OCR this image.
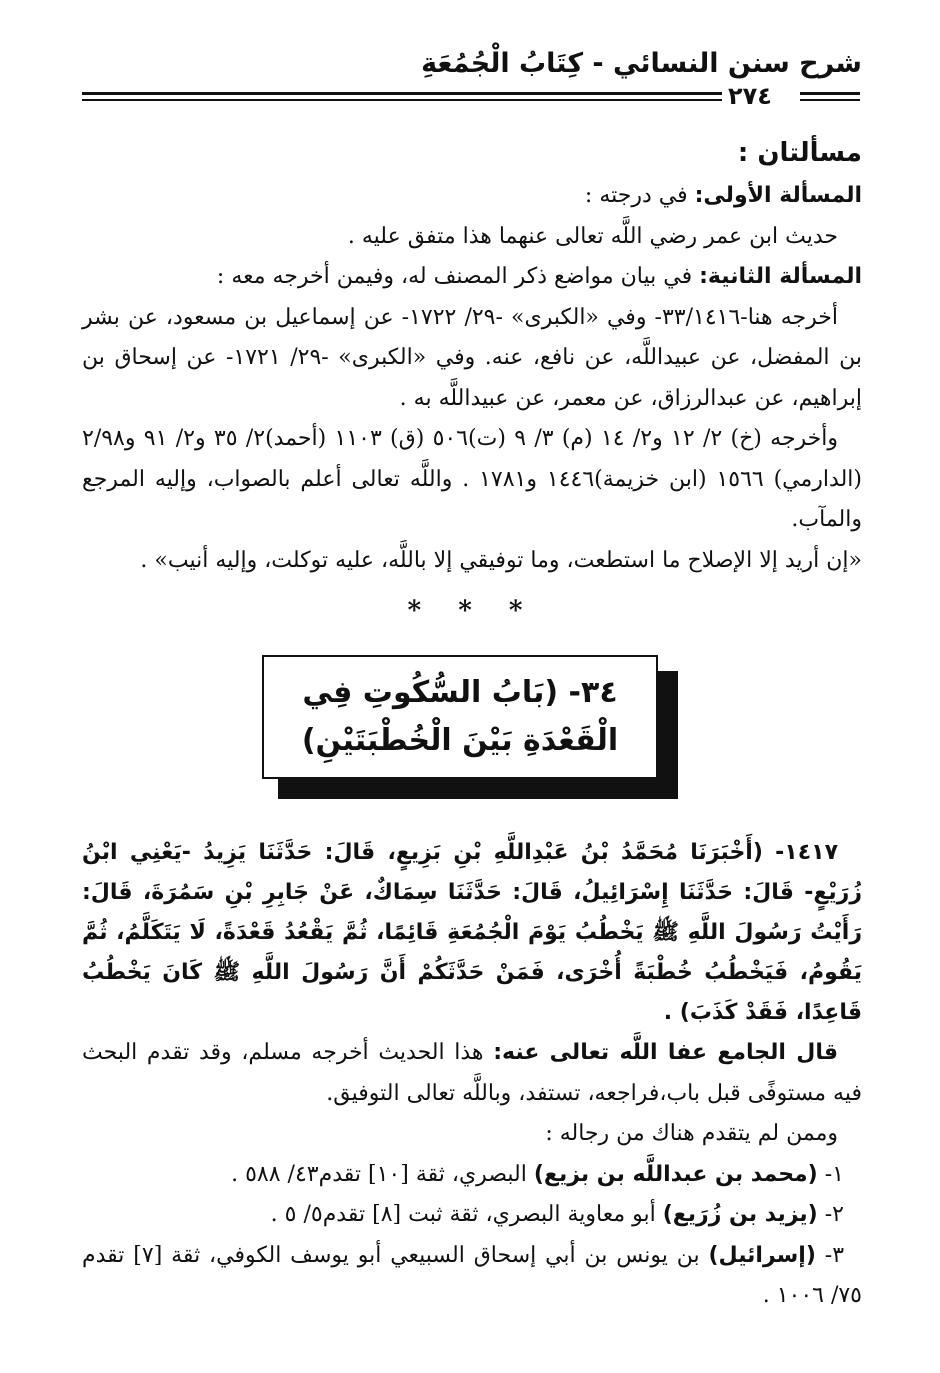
شرح سنن النسائي - كِتَابُ الْجُمُعَةِ
٢٧٤

مسألتان :

المسألة الأولى: في درجته :

حديث ابن عمر رضي اللَّه تعالى عنهما هذا متفق عليه .

المسألة الثانية: في بيان مواضع ذكر المصنف له، وفيمن أخرجه معه :

أخرجه هنا-٣٣/١٤١٦- وفي «الكبرى» -٢٩/ ١٧٢٢- عن إسماعيل بن مسعود، عن بشر بن المفضل، عن عبيداللَّه، عن نافع، عنه. وفي «الكبرى» -٢٩/ ١٧٢١- عن إسحاق بن إبراهيم، عن عبدالرزاق، عن معمر، عن عبيداللَّه به .

وأخرجه (خ) ٢/ ١٢ و٢/ ١٤ (م) ٣/ ٩ (ت)٥٠٦ (ق) ١١٠٣ (أحمد)٢/ ٣٥ و٢/ ٩١ و٢/٩٨ (الدارمي) ١٥٦٦ (ابن خزيمة)١٤٤٦ و١٧٨١ . واللَّه تعالى أعلم بالصواب، وإليه المرجع والمآب.

«إن أريد إلا الإصلاح ما استطعت، وما توفيقي إلا باللَّه، عليه توكلت، وإليه أنيب» .

* * *

٣٤- (بَابُ السُّكُوتِ فِي الْقَعْدَةِ بَيْنَ الْخُطْبَتَيْنِ)

١٤١٧- (أَخْبَرَنَا مُحَمَّدُ بْنُ عَبْدِاللَّهِ بْنِ بَزِيعٍ، قَالَ: حَدَّثَنَا يَزِيدُ -يَعْنِي ابْنُ زُرَيْعٍ- قَالَ: حَدَّثَنَا إِسْرَائِيلُ، قَالَ: حَدَّثَنَا سِمَاكٌ، عَنْ جَابِرِ بْنِ سَمُرَةَ، قَالَ: رَأَيْتُ رَسُولَ اللَّهِ ﷺ يَخْطُبُ يَوْمَ الْجُمُعَةِ قَائِمًا، ثُمَّ يَقْعُدُ قَعْدَةً، لَا يَتَكَلَّمُ، ثُمَّ يَقُومُ، فَيَخْطُبُ خُطْبَةً أُخْرَى، فَمَنْ حَدَّثَكُمْ أَنَّ رَسُولَ اللَّهِ ﷺ كَانَ يَخْطُبُ قَاعِدًا، فَقَدْ كَذَبَ) .

قال الجامع عفا اللَّه تعالى عنه: هذا الحديث أخرجه مسلم، وقد تقدم البحث فيه مستوفًى قبل باب،فراجعه، تستفد، وباللَّه تعالى التوفيق.

وممن لم يتقدم هناك من رجاله :

١- (محمد بن عبداللَّه بن بزيع) البصري، ثقة [١٠] تقدم٤٣/ ٥٨٨ .

٢- (يزيد بن زُرَيع) أبو معاوية البصري، ثقة ثبت [٨] تقدم٥/ ٥ .

٣- (إسرائيل) بن يونس بن أبي إسحاق السبيعي أبو يوسف الكوفي، ثقة [٧] تقدم ٧٥/ ١٠٠٦ .
